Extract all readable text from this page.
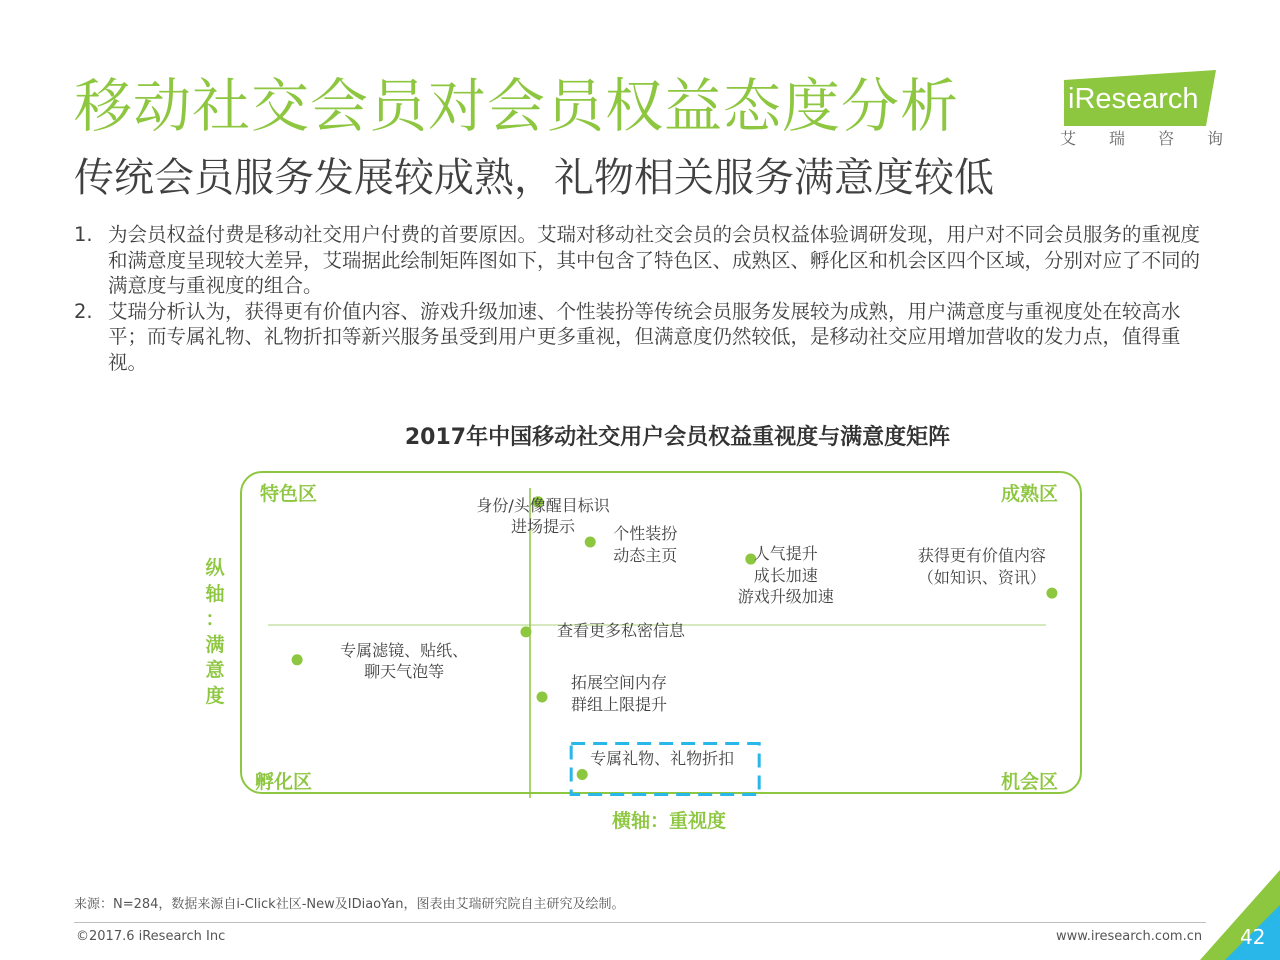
移动社交会员对会员权益态度分析
传统会员服务发展较成熟，礼物相关服务满意度较低
iResearch
艾瑞咨询
1. 为会员权益付费是移动社交用户付费的首要原因。艾瑞对移动社交会员的会员权益体验调研发现，用户对不同会员服务的重视度和满意度呈现较大差异，艾瑞据此绘制矩阵图如下，其中包含了特色区、成熟区、孵化区和机会区四个区域，分别对应了不同的满意度与重视度的组合。
2. 艾瑞分析认为，获得更有价值内容、游戏升级加速、个性装扮等传统会员服务发展较为成熟，用户满意度与重视度处在较高水平；而专属礼物、礼物折扣等新兴服务虽受到用户更多重视，但满意度仍然较低，是移动社交应用增加营收的发力点，值得重视。
2017年中国移动社交用户会员权益重视度与满意度矩阵
特色区	成熟区
孵化区	机会区
纵
轴
：
满
意
度
横轴：重视度
身份/头像醒目标识
进场提示	个性装扮
动态主页	人气提升
成长加速
游戏升级加速
获得更有价值内容
（如知识、资讯）
查看更多私密信息
专属滤镜、贴纸、
聊天气泡等
拓展空间内存
群组上限提升
专属礼物、礼物折扣
来源：N=284，数据来源自i-Click社区-New及IDiaoYan，图表由艾瑞研究院自主研究及绘制。
©2017.6 iResearch Inc	www.iresearch.com.cn 42
